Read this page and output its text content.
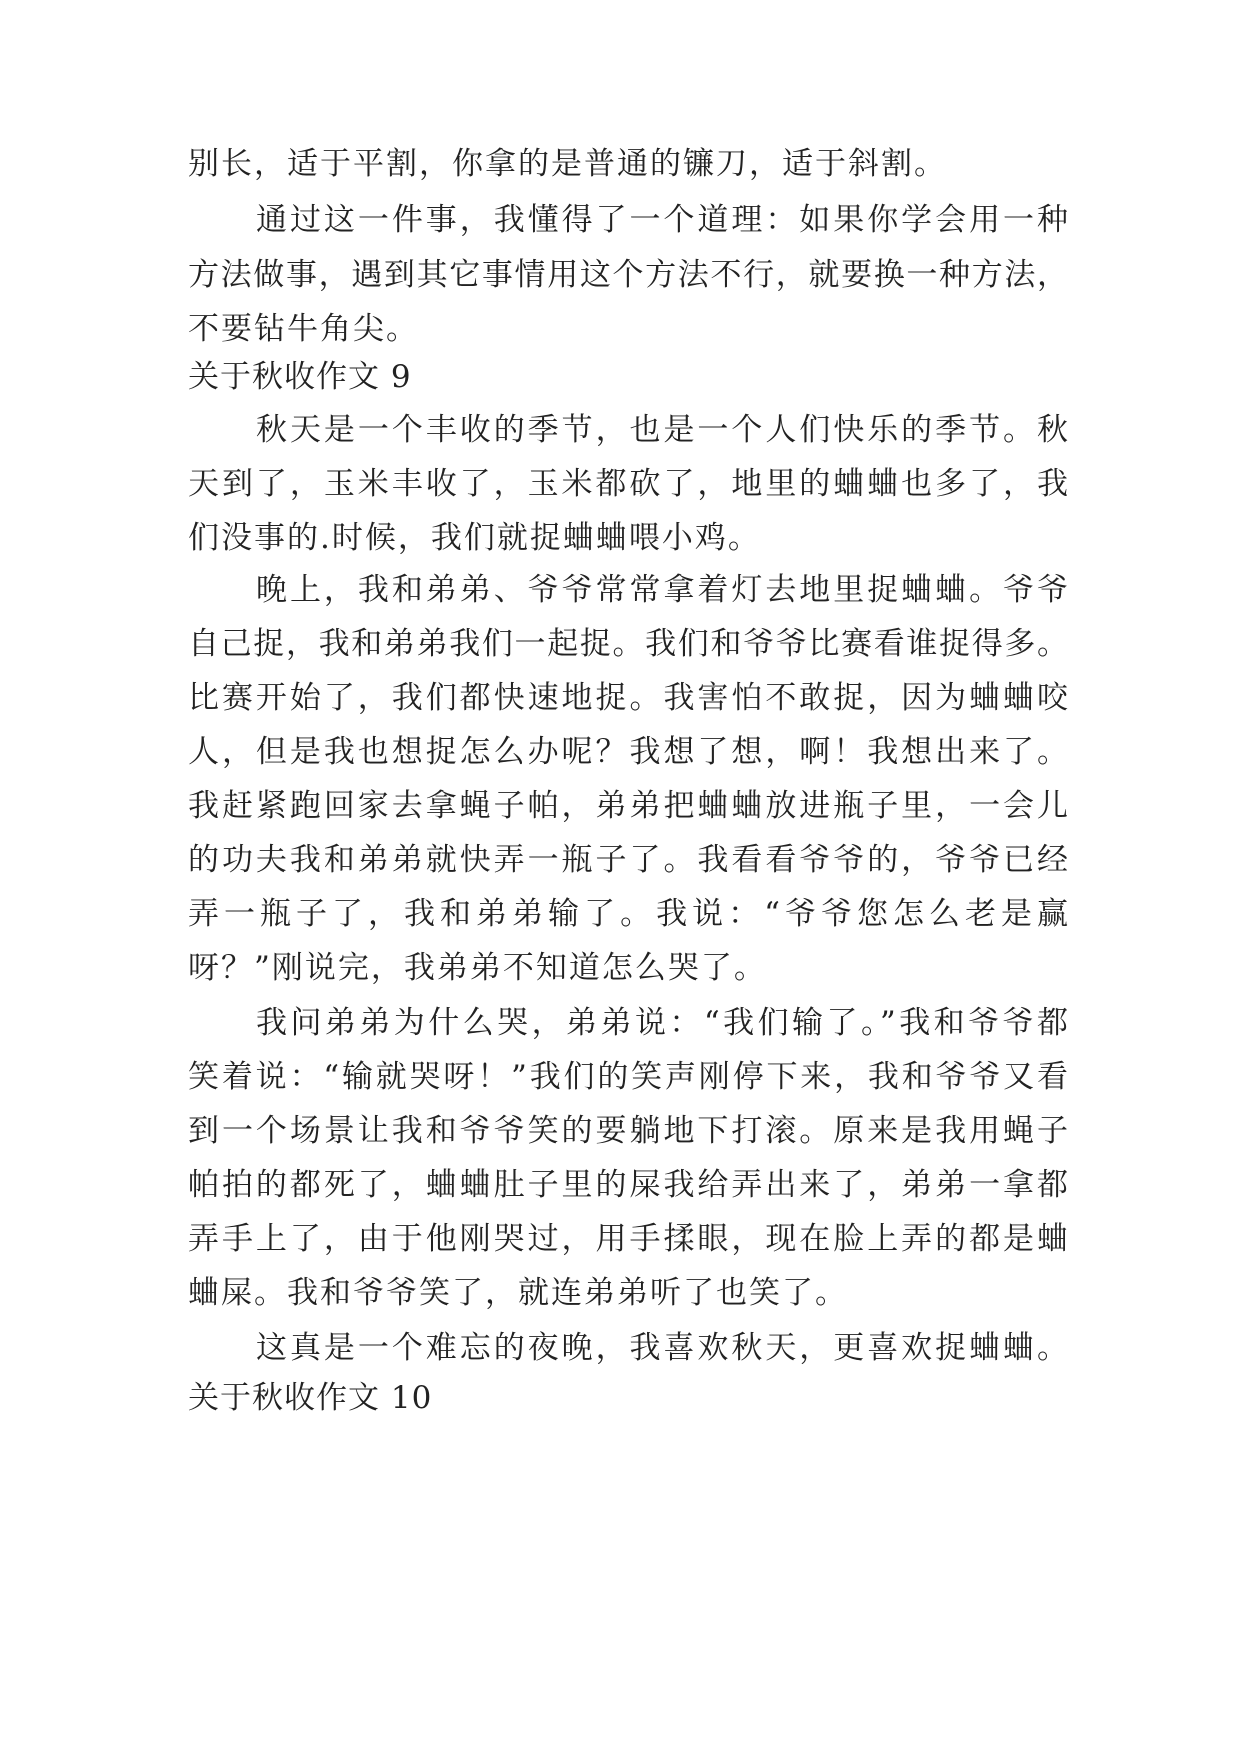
别长，适于平割，你拿的是普通的镰刀，适于斜割。
通过这一件事，我懂得了一个道理：如果你学会用一种
方法做事，遇到其它事情用这个方法不行，就要换一种方法，
不要钻牛角尖。
关于秋收作文 9
秋天是一个丰收的季节，也是一个人们快乐的季节。秋
天到了，玉米丰收了，玉米都砍了，地里的蛐蛐也多了，我
们没事的.时候，我们就捉蛐蛐喂小鸡。
晚上，我和弟弟、爷爷常常拿着灯去地里捉蛐蛐。爷爷
自己捉，我和弟弟我们一起捉。我们和爷爷比赛看谁捉得多。
比赛开始了，我们都快速地捉。我害怕不敢捉，因为蛐蛐咬
人，但是我也想捉怎么办呢？我想了想，啊！我想出来了。
我赶紧跑回家去拿蝇子帕，弟弟把蛐蛐放进瓶子里，一会儿
的功夫我和弟弟就快弄一瓶子了。我看看爷爷的，爷爷已经
弄一瓶子了，我和弟弟输了。我说：“爷爷您怎么老是赢
呀？”刚说完，我弟弟不知道怎么哭了。
我问弟弟为什么哭，弟弟说：“我们输了。”我和爷爷都
笑着说：“输就哭呀！”我们的笑声刚停下来，我和爷爷又看
到一个场景让我和爷爷笑的要躺地下打滚。原来是我用蝇子
帕拍的都死了，蛐蛐肚子里的屎我给弄出来了，弟弟一拿都
弄手上了，由于他刚哭过，用手揉眼，现在脸上弄的都是蛐
蛐屎。我和爷爷笑了，就连弟弟听了也笑了。
这真是一个难忘的夜晚，我喜欢秋天，更喜欢捉蛐蛐。
关于秋收作文 10
